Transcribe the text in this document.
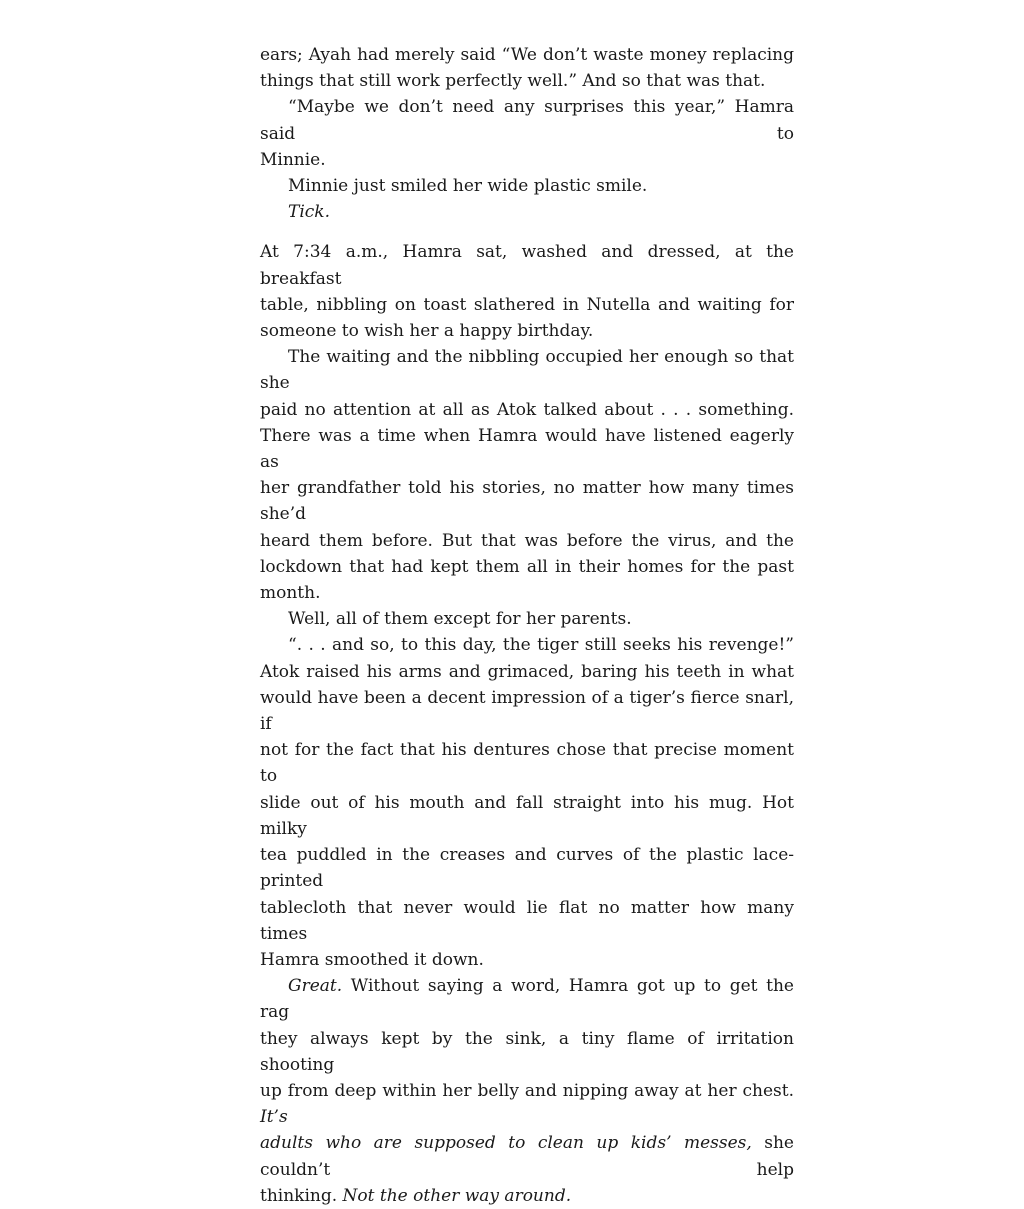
ears; Ayah had merely said “We don’t waste money replacing
things that still work perfectly well.” And so that was that.

“Maybe we don’t need any surprises this year,” Hamra said to
Minnie.

Minnie just smiled her wide plastic smile.

Tick.

At 7:34 a.m., Hamra sat, washed and dressed, at the breakfast
table, nibbling on toast slathered in Nutella and waiting for
someone to wish her a happy birthday.

The waiting and the nibbling occupied her enough so that she
paid no attention at all as Atok talked about . . . something.
There was a time when Hamra would have listened eagerly as
her grandfather told his stories, no matter how many times she’d
heard them before. But that was before the virus, and the
lockdown that had kept them all in their homes for the past
month.

Well, all of them except for her parents.

“. . . and so, to this day, the tiger still seeks his revenge!”
Atok raised his arms and grimaced, baring his teeth in what
would have been a decent impression of a tiger’s fierce snarl, if
not for the fact that his dentures chose that precise moment to
slide out of his mouth and fall straight into his mug. Hot milky
tea puddled in the creases and curves of the plastic lace-printed
tablecloth that never would lie flat no matter how many times
Hamra smoothed it down.

Great. Without saying a word, Hamra got up to get the rag
they always kept by the sink, a tiny flame of irritation shooting
up from deep within her belly and nipping away at her chest. It’s
adults who are supposed to clean up kids’ messes, she couldn’t help
thinking. Not the other way around.
